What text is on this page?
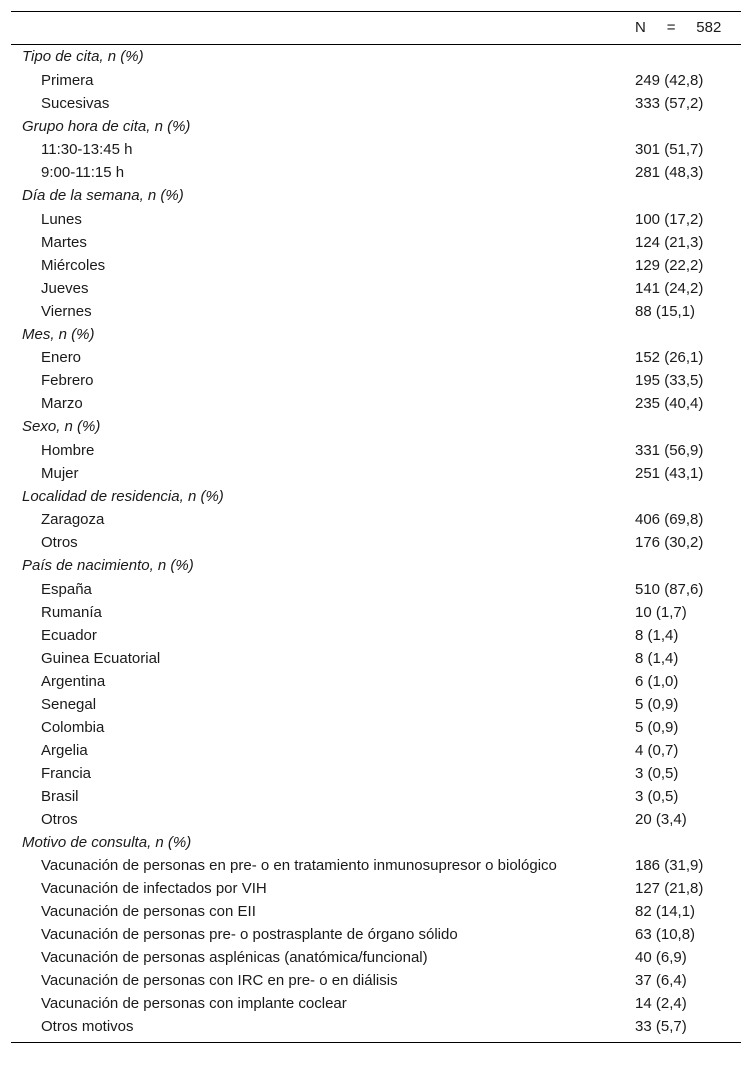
N = 582
Tipo de cita, n (%)
Primera	249 (42,8)
Sucesivas	333 (57,2)
Grupo hora de cita, n (%)
11:30-13:45 h	301 (51,7)
9:00-11:15 h	281 (48,3)
Día de la semana, n (%)
Lunes	100 (17,2)
Martes	124 (21,3)
Miércoles	129 (22,2)
Jueves	141 (24,2)
Viernes	88 (15,1)
Mes, n (%)
Enero	152 (26,1)
Febrero	195 (33,5)
Marzo	235 (40,4)
Sexo, n (%)
Hombre	331 (56,9)
Mujer	251 (43,1)
Localidad de residencia, n (%)
Zaragoza	406 (69,8)
Otros	176 (30,2)
País de nacimiento, n (%)
España	510 (87,6)
Rumanía	10 (1,7)
Ecuador	8 (1,4)
Guinea Ecuatorial	8 (1,4)
Argentina	6 (1,0)
Senegal	5 (0,9)
Colombia	5 (0,9)
Argelia	4 (0,7)
Francia	3 (0,5)
Brasil	3 (0,5)
Otros	20 (3,4)
Motivo de consulta, n (%)
Vacunación de personas en pre- o en tratamiento inmunosupresor o biológico	186 (31,9)
Vacunación de infectados por VIH	127 (21,8)
Vacunación de personas con EII	82 (14,1)
Vacunación de personas pre- o postrasplante de órgano sólido	63 (10,8)
Vacunación de personas asplénicas (anatómica/funcional)	40 (6,9)
Vacunación de personas con IRC en pre- o en diálisis	37 (6,4)
Vacunación de personas con implante coclear	14 (2,4)
Otros motivos	33 (5,7)
